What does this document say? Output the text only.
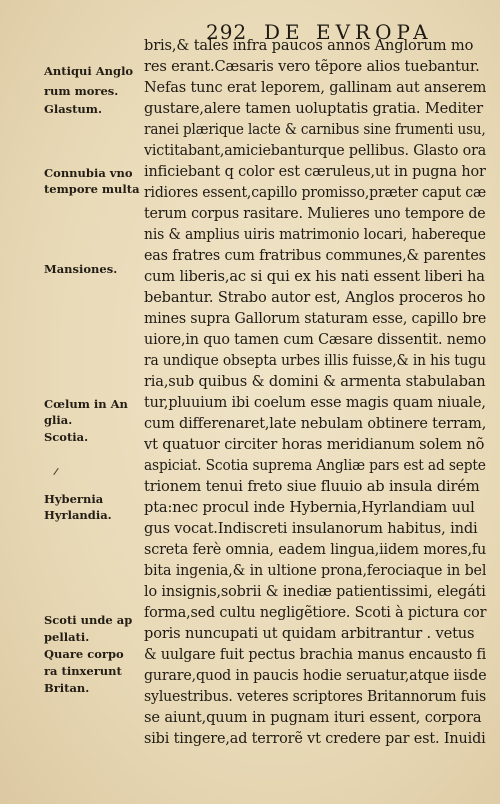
292 DE EVROPA
Antiqui Anglo
rum mores.
Glastum.
Connubia vno
tempore multa
Mansiones.
Cœlum in An
glia.
Scotia.
Hybernia
Hyrlandia.
Scoti unde ap
pellati.
Quare corpo
ra tinxerunt
Britan.
bris,& tales infra paucos annos Anglorum mo
res erant.Cæsaris vero tẽpore alios tuebantur.
Nefas tunc erat leporem, gallinam aut anserem
gustare,alere tamen uoluptatis gratia. Mediter
ranei plærique lacte & carnibus sine frumenti usu,
victitabant,amiciebanturque pellibus. Glasto ora
inficiebant q color est cæruleus,ut in pugna hor
ridiores essent,capillo promisso,præter caput cæ
terum corpus rasitare. Mulieres uno tempore de
nis & amplius uiris matrimonio locari, habereque
eas fratres cum fratribus communes,& parentes
cum liberis,ac si qui ex his nati essent liberi ha
bebantur. Strabo autor est, Anglos proceros ho
mines supra Gallorum staturam esse, capillo bre
uiore,in quo tamen cum Cæsare dissentit. nemo
ra undique obsepta urbes illis fuisse,& in his tugu
ria,sub quibus & domini & armenta stabulaban
tur,pluuium ibi coelum esse magis quam niuale,
cum differenaret,late nebulam obtinere terram,
vt quatuor circiter horas meridianum solem nõ
aspiciat. Scotia suprema Angliæ pars est ad septe
trionem tenui freto siue fluuio ab insula dirém
pta:nec procul inde Hybernia,Hyrlandiam uul
gus vocat.Indiscreti insulanorum habitus, indi
screta ferè omnia, eadem lingua,iidem mores,fu
bita ingenia,& in ultione prona,ferociaque in bel
lo insignis,sobrii & inediæ patientissimi, elegáti
forma,sed cultu negligẽtiore. Scoti à pictura cor
poris nuncupati ut quidam arbitrantur . vetus
& uulgare fuit pectus brachia manus encausto fi
gurare,quod in paucis hodie seruatur,atque iisde
syluestribus. veteres scriptores Britannorum fuis
se aiunt,quum in pugnam ituri essent, corpora
sibi tingere,ad terrorẽ vt credere par est. Inuidi
